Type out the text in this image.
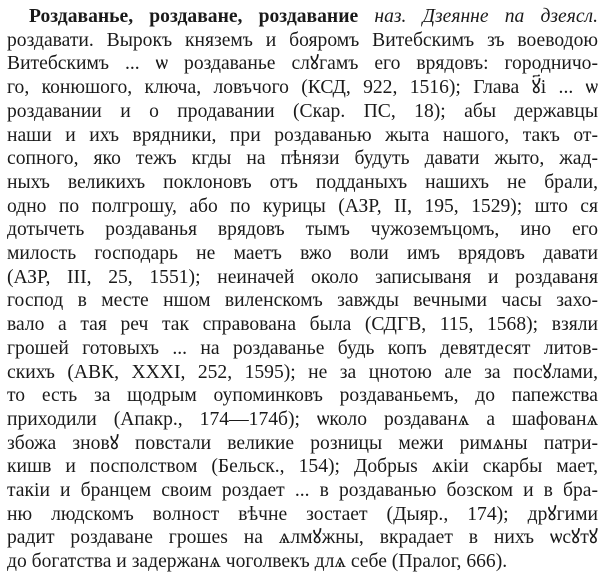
Роздаванье, роздаване, роздавание наз. Дзеянне па дзеясл.
роздавати. Вырокъ княземъ и бояромъ Витебскимъ зъ воеводою
Витебскимъ ... ѡ роздаванье слꙋгамъ его врядовъ: городничо-
го, конюшого, ключа, ловъчого (КСД, 922, 1516); Глава ꙋ҃і ... ѡ
роздавании и о продавании (Скар. ПС, 18); абы державцы
наши и ихъ врядники, при роздаванью жыта нашого, такъ от-
сопного, яко тежъ кгды на пѣнязи будуть давати жыто, жад-
ныхъ великихъ поклоновъ отъ подданыхъ нашихъ не брали,
одно по полгрошу, або по курицы (АЗР, II, 195, 1529); што ся
дотычеть роздаванья врядовъ тымъ чужоземъцомъ, ино его
милость господарь не маетъ вжо воли имъ врядовъ давати
(АЗР, III, 25, 1551); неиначей около записываня и роздаваня
господ в месте ншом виленскомъ завжды вечными часы захо-
вало а тая реч так справована была (СДГВ, 115, 1568); взяли
грошей готовыхъ ... на роздаванье будь копъ девятдесят литов-
скихъ (АВК, XXXI, 252, 1595); не за цнотою але за посꙋлами,
то есть за щодрым оупоминковъ роздаваньемъ, до папежства
приходили (Апакр., 174—174б); ѡколо роздаванѧ а шафованѧ
збожа зновꙋ повстали великие розницы межи римѧны патри-
кишв и посполством (Бельск., 154); Добрыѕ ѧкіи скарбы мает,
такіи и бранцем своим роздает ... в роздаванью бозском и в бра-
ню людскомъ волност вѣчне зостает (Дыяр., 174); дрꙋгими
радит роздаване грошеѕ на ѧлмꙋжны, вкрадает в нихъ ѡсꙋтꙋ
до богатства и задержанѧ чоголвекъ длѧ себе (Пралог, 666).
